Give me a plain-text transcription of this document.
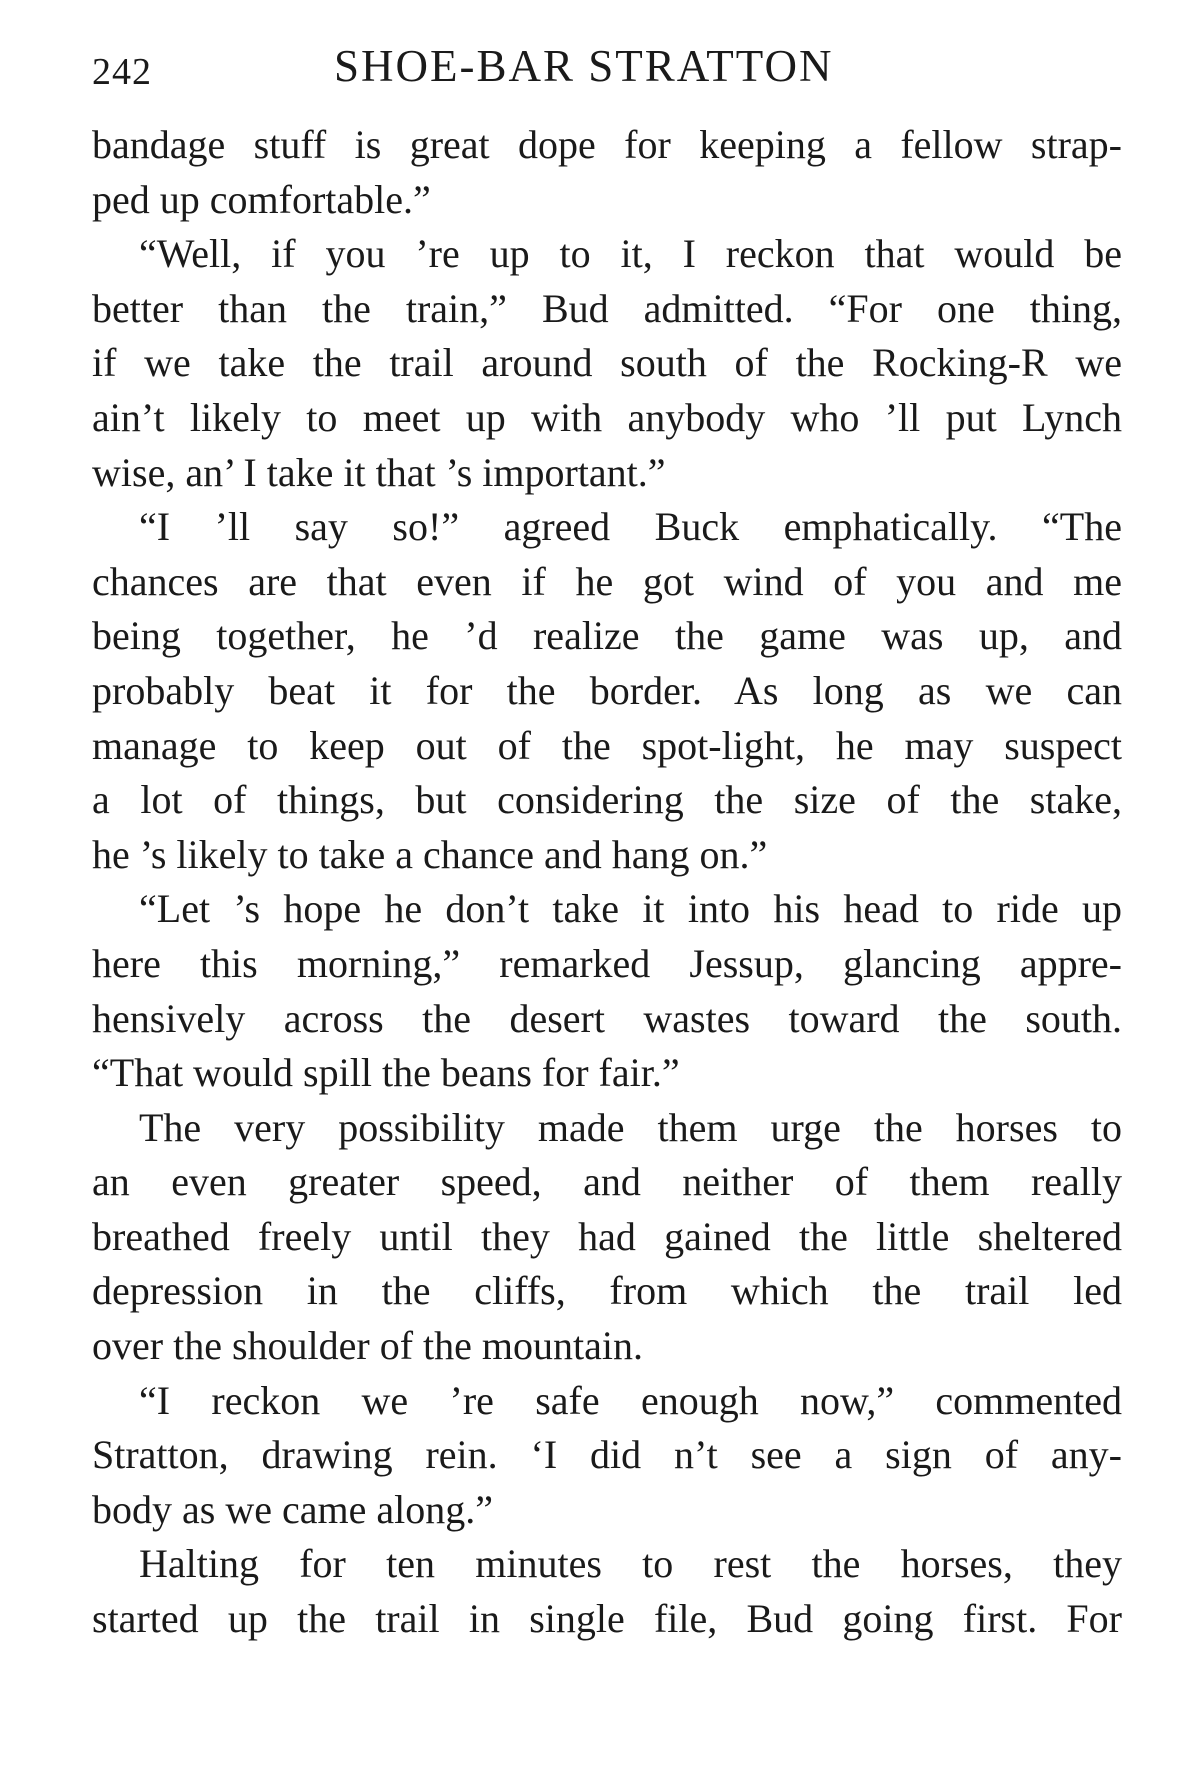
242	SHOE-BAR STRATTON
bandage stuff is great dope for keeping a fellow strap-
ped up comfortable.”
“Well, if you ’re up to it, I reckon that would be
better than the train,” Bud admitted. “For one thing,
if we take the trail around south of the Rocking-R we
ain’t likely to meet up with anybody who ’ll put Lynch
wise, an’ I take it that ’s important.”
“I ’ll say so!” agreed Buck emphatically. “The
chances are that even if he got wind of you and me
being together, he ’d realize the game was up, and
probably beat it for the border. As long as we can
manage to keep out of the spot-light, he may suspect
a lot of things, but considering the size of the stake,
he ’s likely to take a chance and hang on.”
“Let ’s hope he don’t take it into his head to ride up
here this morning,” remarked Jessup, glancing appre-
hensively across the desert wastes toward the south.
“That would spill the beans for fair.”
The very possibility made them urge the horses to
an even greater speed, and neither of them really
breathed freely until they had gained the little sheltered
depression in the cliffs, from which the trail led
over the shoulder of the mountain.
“I reckon we ’re safe enough now,” commented
Stratton, drawing rein. ‘I did n’t see a sign of any-
body as we came along.”
Halting for ten minutes to rest the horses, they
started up the trail in single file, Bud going first. For
